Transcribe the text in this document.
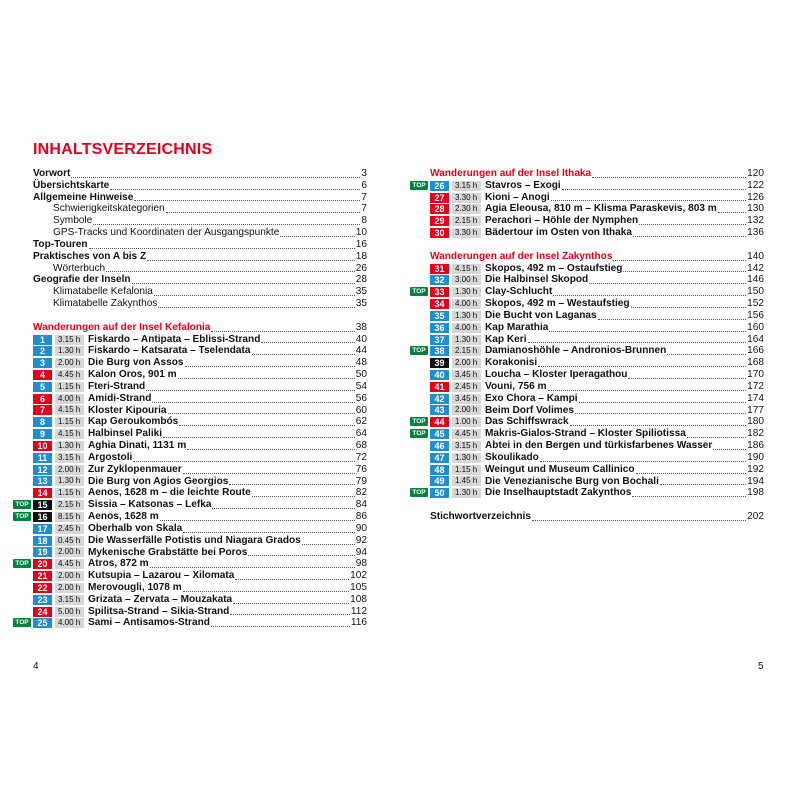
INHALTSVERZEICHNIS
Vorwort	3
Übersichtskarte	6
Allgemeine Hinweise	7
Schwierigkeitskategorien	7
Symbole	8
GPS-Tracks und Koordinaten der Ausgangspunkte	10
Top-Touren	16
Praktisches von A bis Z	18
Wörterbuch	26
Geografie der Inseln	28
Klimatabelle Kefalonia	35
Klimatabelle Zakynthos	35
Wanderungen auf der Insel Kefalonia	38
1	3.15 h Fiskardo – Antipata – Eblissi-Strand	40
2	1.30 h Fiskardo – Katsarata – Tselendata	44
3	2.00 h Die Burg von Assos	48
4	4.45 h Kalon Oros, 901 m	50
5	1.15 h Fteri-Strand	54
6	4.00 h Amidi-Strand	56
7	4.15 h Kloster Kipouria	60
8	1.15 h Kap Geroukombós	62
9	4.15 h Halbinsel Paliki	64
10	1.30 h Aghia Dinati, 1131 m	68
11	3.15 h Argostoli	72
12	2.00 h Zur Zyklopenmauer	76
13	1.30 h Die Burg von Agios Georgios	79
14	1.15 h Aenos, 1628 m – die leichte Route	82
TOP 15	2.15 h Sissia – Katsonas – Lefka	84
TOP 16	8.15 h Aenos, 1628 m	86
17	2.45 h Oberhalb von Skala	90
18	0.45 h Die Wasserfälle Potistis und Niagara Grados	92
19	2.00 h Mykenische Grabstätte bei Poros	94
TOP 20	4.45 h Atros, 872 m	98
21	2.00 h Kutsupia – Lazarou – Xilomata	102
22	2.00 h Merovougli, 1078 m	105
23	3.15 h Grizata – Zervata – Mouzakata	108
24	5.00 h Spilitsa-Strand – Sikia-Strand	112
TOP 25	4.00 h Sami – Antisamos-Strand	116
Wanderungen auf der Insel Ithaka	120
TOP 26	3.15 h Stavros – Exogi	122
27	3.30 h Kioni – Anogi	126
28	2.30 h Agia Eleousa, 810 m – Klisma Paraskevis, 803 m	130
29	2.15 h Perachori – Höhle der Nymphen	132
30	3.30 h Bädertour im Osten von Ithaka	136
Wanderungen auf der Insel Zakynthos	140
31	4.15 h Skopos, 492 m – Ostaufstieg	142
32	3.00 h Die Halbinsel Skopod	146
TOP 33	1.30 h Clay-Schlucht	150
34	4.00 h Skopos, 492 m – Westaufstieg	152
35	1.30 h Die Bucht von Laganas	156
36	4.00 h Kap Marathia	160
37	1.30 h Kap Keri	164
TOP 38	2.15 h Damianoshöhle – Andronios-Brunnen	166
39	2.00 h Korakonisi	168
40	3.45 h Loucha – Kloster Iperagathou	170
41	2.45 h Vouni, 756 m	172
42	3.45 h Exo Chora – Kampi	174
43	2.00 h Beim Dorf Volimes	177
TOP 44	1.00 h Das Schiffswrack	180
TOP 45	4.45 h Makris-Gialos-Strand – Kloster Spiliotissa	182
46	3.15 h Abtei in den Bergen und türkisfarbenes Wasser	186
47	1.30 h Skoulikado	190
48	1.15 h Weingut und Museum Callinico	192
49	1.45 h Die Venezianische Burg von Bochali	194
TOP 50	1.30 h Die Inselhauptstadt Zakynthos	198
Stichwortverzeichnis	202
4	5
